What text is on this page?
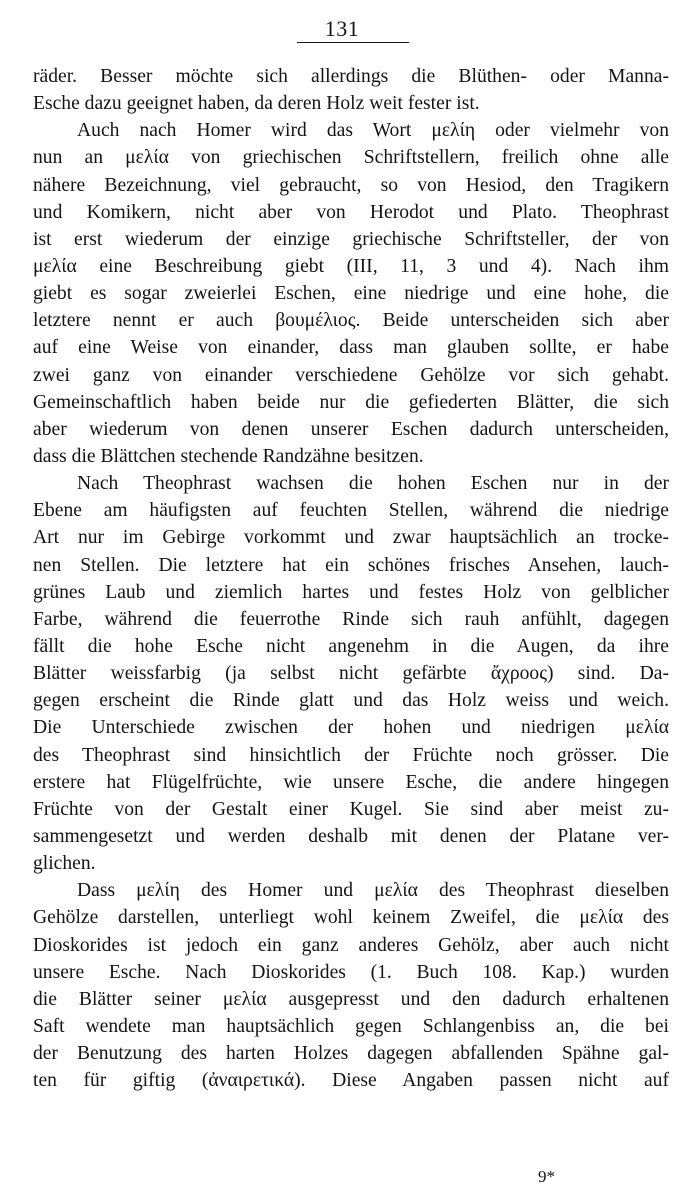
131
räder. Besser möchte sich allerdings die Blüthen- oder Manna-
Esche dazu geeignet haben, da deren Holz weit fester ist.
Auch nach Homer wird das Wort μελίη oder vielmehr von
nun an μελία von griechischen Schriftstellern, freilich ohne alle
nähere Bezeichnung, viel gebraucht, so von Hesiod, den Tragikern
und Komikern, nicht aber von Herodot und Plato. Theophrast
ist erst wiederum der einzige griechische Schriftsteller, der von
μελία eine Beschreibung giebt (III, 11, 3 und 4). Nach ihm
giebt es sogar zweierlei Eschen, eine niedrige und eine hohe, die
letztere nennt er auch βουμέλιος. Beide unterscheiden sich aber
auf eine Weise von einander, dass man glauben sollte, er habe
zwei ganz von einander verschiedene Gehölze vor sich gehabt.
Gemeinschaftlich haben beide nur die gefiederten Blätter, die sich
aber wiederum von denen unserer Eschen dadurch unterscheiden,
dass die Blättchen stechende Randzähne besitzen.
Nach Theophrast wachsen die hohen Eschen nur in der
Ebene am häufigsten auf feuchten Stellen, während die niedrige
Art nur im Gebirge vorkommt und zwar hauptsächlich an trocke-
nen Stellen. Die letztere hat ein schönes frisches Ansehen, lauch-
grünes Laub und ziemlich hartes und festes Holz von gelblicher
Farbe, während die feuerrothe Rinde sich rauh anfühlt, dagegen
fällt die hohe Esche nicht angenehm in die Augen, da ihre
Blätter weissfarbig (ja selbst nicht gefärbte ἄχροος) sind. Da-
gegen erscheint die Rinde glatt und das Holz weiss und weich.
Die Unterschiede zwischen der hohen und niedrigen μελία
des Theophrast sind hinsichtlich der Früchte noch grösser. Die
erstere hat Flügelfrüchte, wie unsere Esche, die andere hingegen
Früchte von der Gestalt einer Kugel. Sie sind aber meist zu-
sammengesetzt und werden deshalb mit denen der Platane ver-
glichen.
Dass μελίη des Homer und μελία des Theophrast dieselben
Gehölze darstellen, unterliegt wohl keinem Zweifel, die μελία des
Dioskorides ist jedoch ein ganz anderes Gehölz, aber auch nicht
unsere Esche. Nach Dioskorides (1. Buch 108. Kap.) wurden
die Blätter seiner μελία ausgepresst und den dadurch erhaltenen
Saft wendete man hauptsächlich gegen Schlangenbiss an, die bei
der Benutzung des harten Holzes dagegen abfallenden Spähne gal-
ten für giftig (ἀναιρετικά). Diese Angaben passen nicht auf
9*
